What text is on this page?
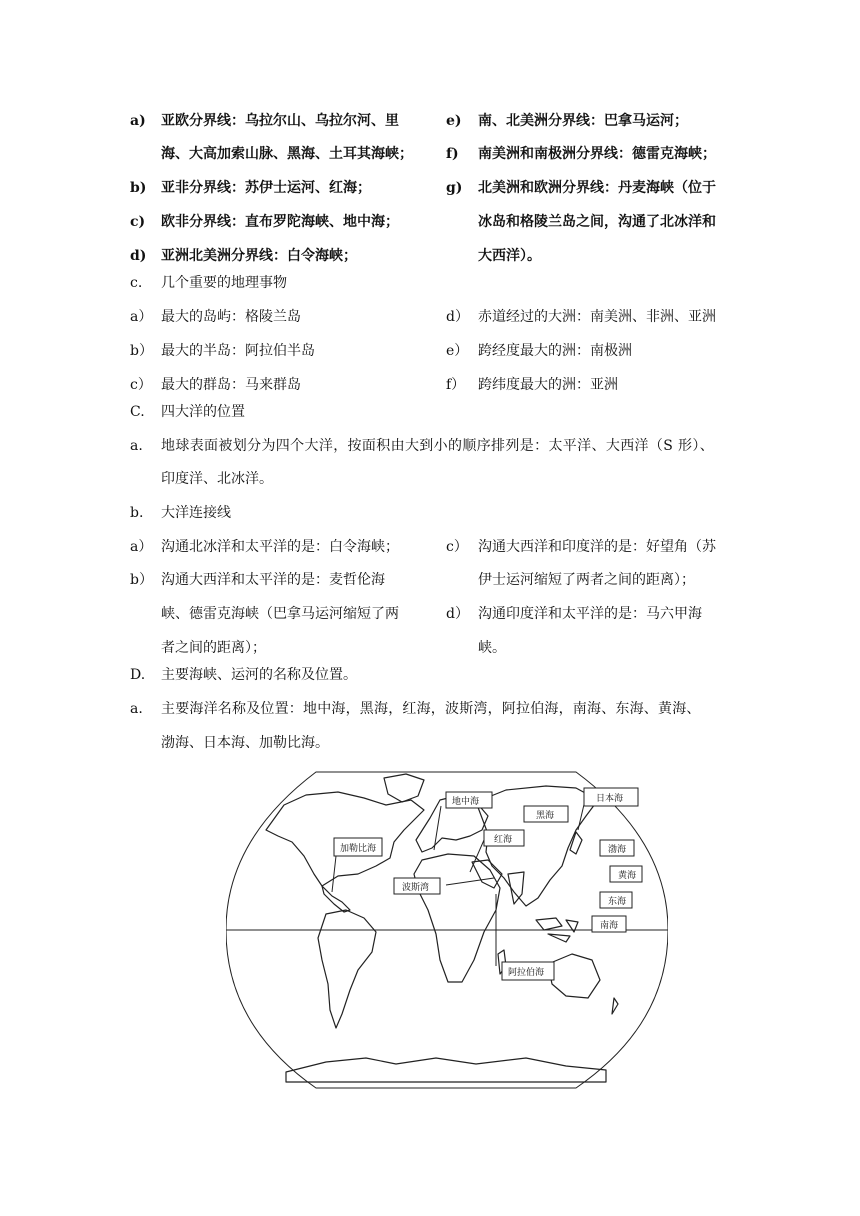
a) 亚欧分界线：乌拉尔山、乌拉尔河、里
海、大高加索山脉、黑海、土耳其海峡；
b) 亚非分界线：苏伊士运河、红海；
c) 欧非分界线：直布罗陀海峡、地中海；
d) 亚洲北美洲分界线：白令海峡；
e) 南、北美洲分界线：巴拿马运河；
f) 南美洲和南极洲分界线：德雷克海峡；
g) 北美洲和欧洲分界线：丹麦海峡（位于
冰岛和格陵兰岛之间，沟通了北冰洋和
大西洋）。
c. 几个重要的地理事物
a） 最大的岛屿：格陵兰岛
b） 最大的半岛：阿拉伯半岛
c） 最大的群岛：马来群岛
d） 赤道经过的大洲：南美洲、非洲、亚洲
e） 跨经度最大的洲：南极洲
f） 跨纬度最大的洲：亚洲
C. 四大洋的位置
a. 地球表面被划分为四个大洋，按面积由大到小的顺序排列是：太平洋、大西洋（S 形）、
印度洋、北冰洋。
b. 大洋连接线
a） 沟通北冰洋和太平洋的是：白令海峡；
b） 沟通大西洋和太平洋的是：麦哲伦海
峡、德雷克海峡（巴拿马运河缩短了两
者之间的距离）；
c） 沟通大西洋和印度洋的是：好望角（苏
伊士运河缩短了两者之间的距离）；
d） 沟通印度洋和太平洋的是：马六甲海
峡。
D. 主要海峡、运河的名称及位置。
a. 主要海洋名称及位置：地中海，黑海，红海，波斯湾，阿拉伯海，南海、东海、黄海、
渤海、日本海、加勒比海。
地中海
黑海
红海
日本海
加勒比海	渤海
黄海
波斯湾
东海
南海
阿拉伯海
